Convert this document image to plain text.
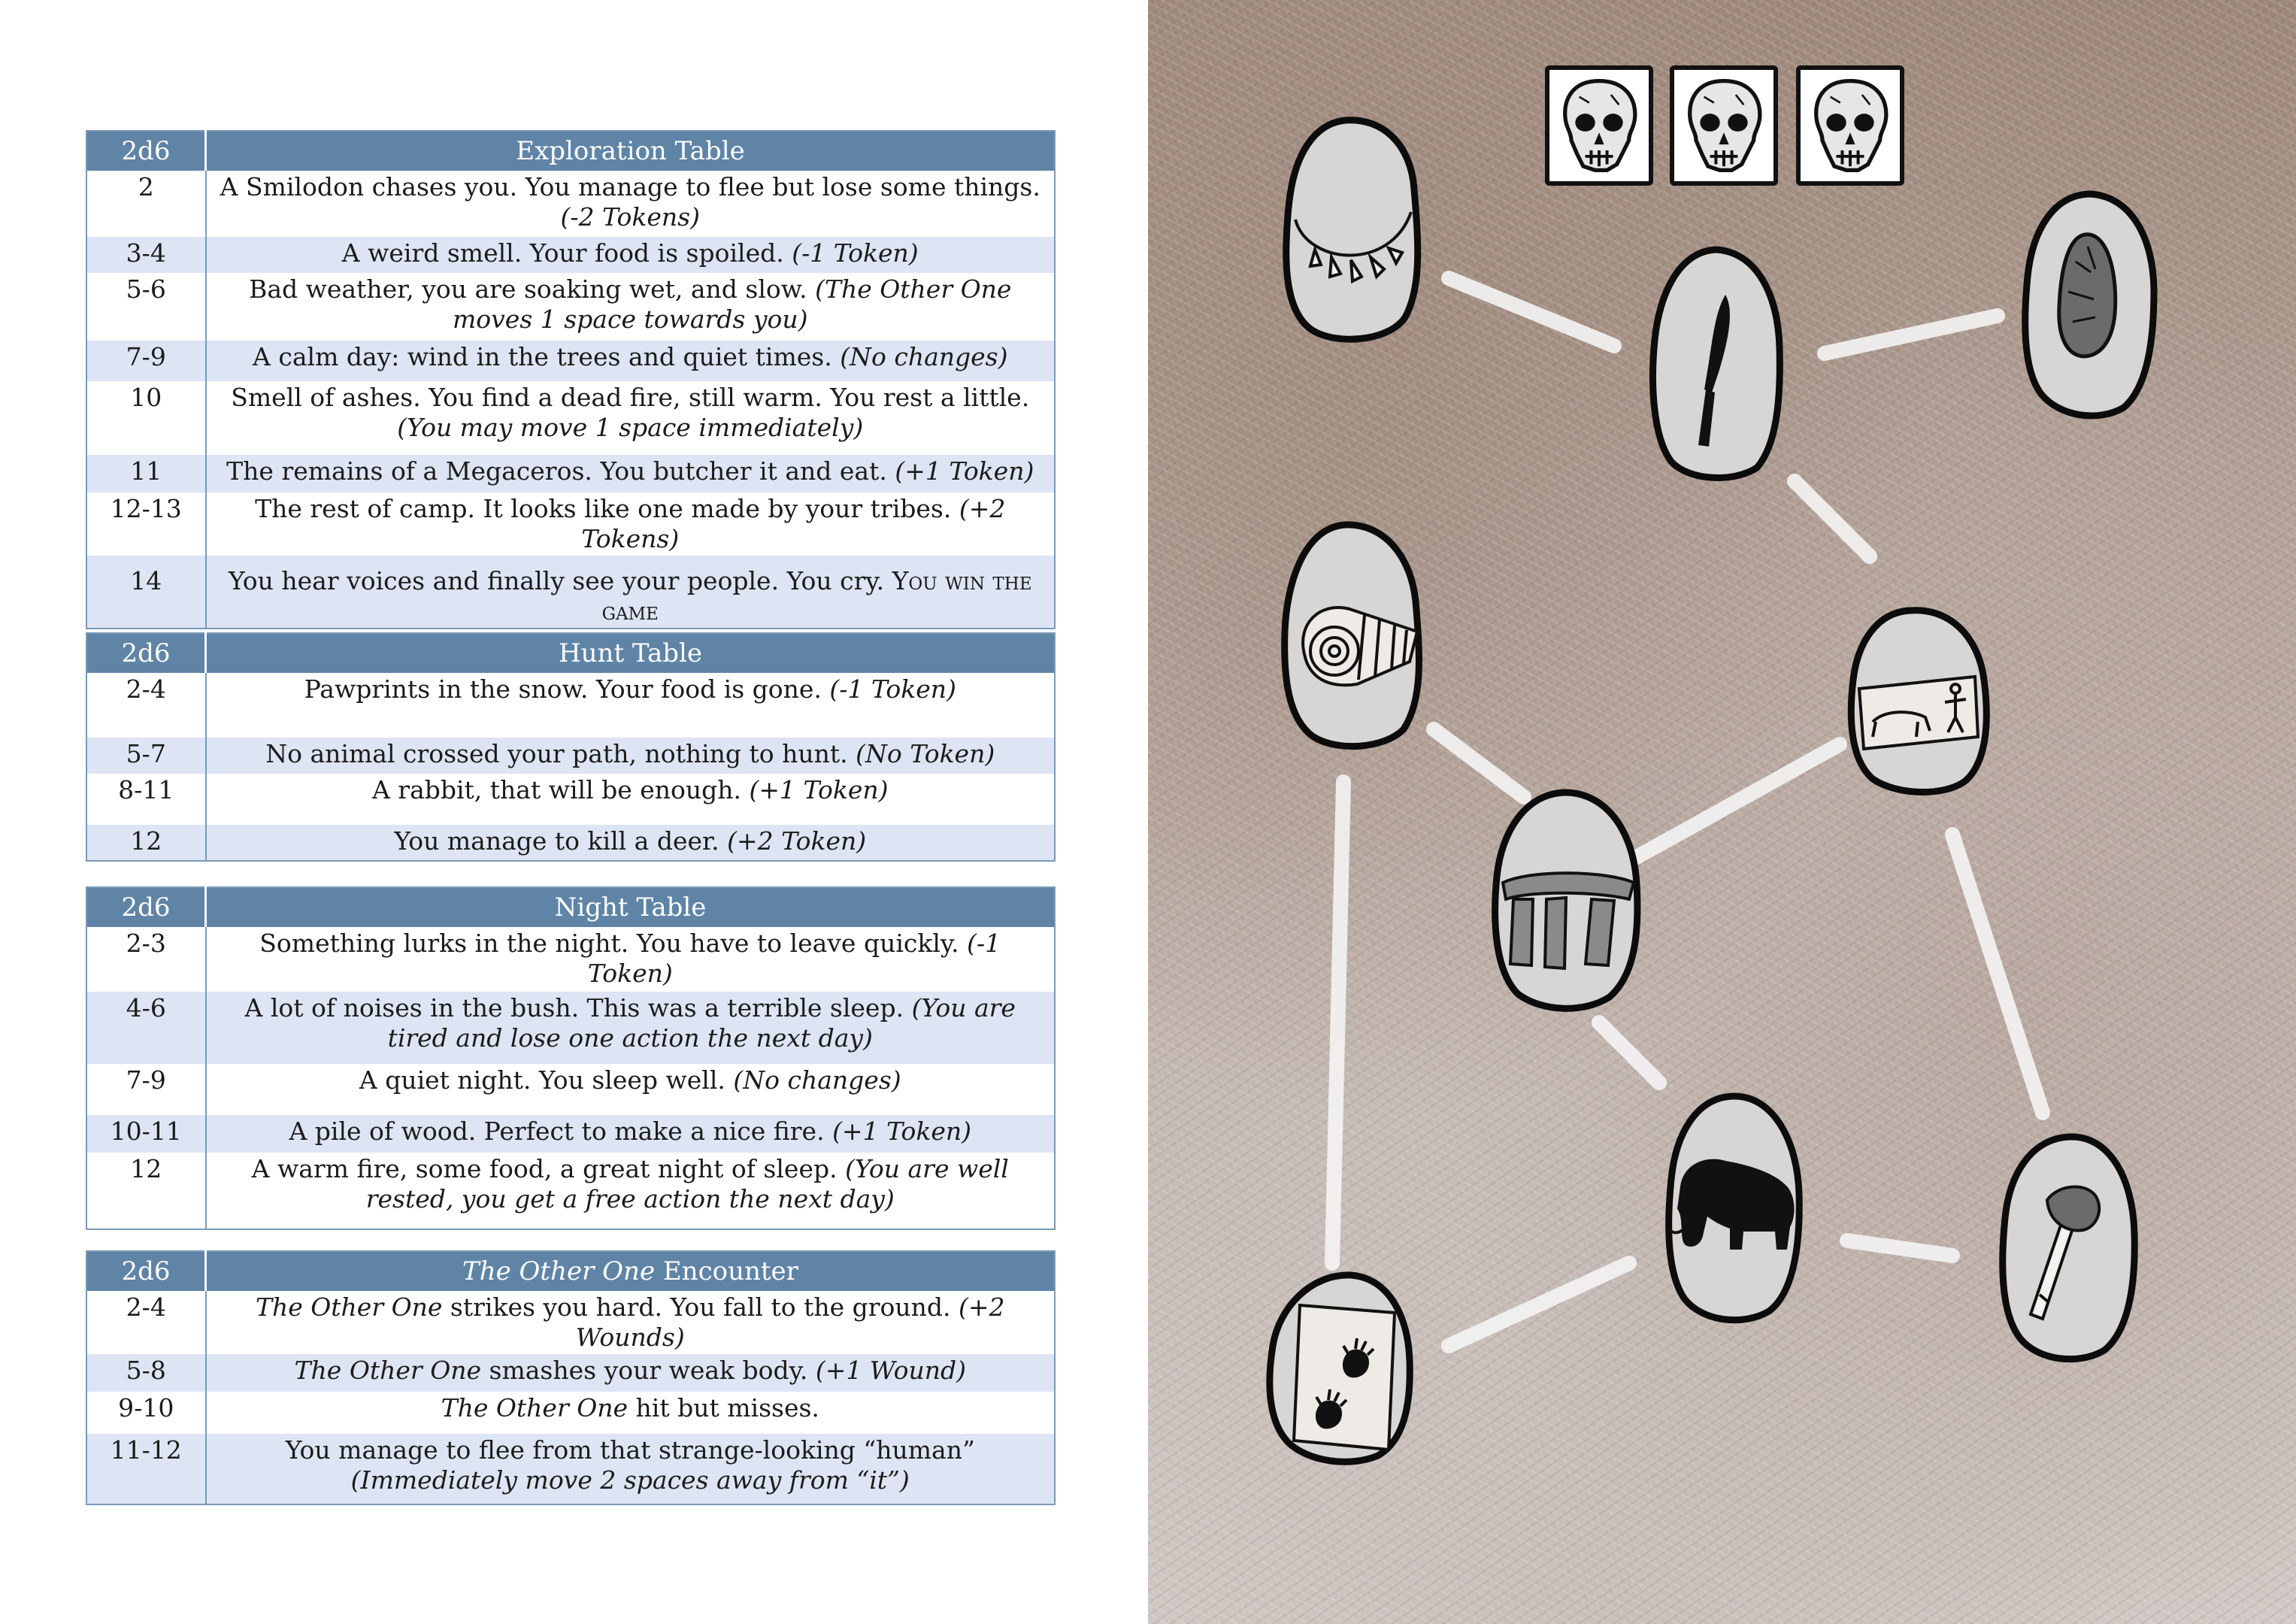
2d6	Exploration Table
2	A Smilodon chases you. You manage to flee but lose some things. (-2 Tokens)
3-4	A weird smell. Your food is spoiled. (-1 Token)
5-6	Bad weather, you are soaking wet, and slow. (The Other One moves 1 space towards you)
7-9	A calm day: wind in the trees and quiet times. (No changes)
10	Smell of ashes. You find a dead fire, still warm. You rest a little. (You may move 1 space immediately)
11	The remains of a Megaceros. You butcher it and eat. (+1 Token)
12-13	The rest of camp. It looks like one made by your tribes. (+2 Tokens)
14	You hear voices and finally see your people. You cry. You win the game
2d6	Hunt Table
2-4	Pawprints in the snow. Your food is gone. (-1 Token)
5-7	No animal crossed your path, nothing to hunt. (No Token)
8-11	A rabbit, that will be enough. (+1 Token)
12	You manage to kill a deer. (+2 Token)
2d6	Night Table
2-3	Something lurks in the night. You have to leave quickly. (-1 Token)
4-6	A lot of noises in the bush. This was a terrible sleep. (You are tired and lose one action the next day)
7-9	A quiet night. You sleep well. (No changes)
10-11	A pile of wood. Perfect to make a nice fire. (+1 Token)
12	A warm fire, some food, a great night of sleep. (You are well rested, you get a free action the next day)
2d6	The Other One Encounter
2-4	The Other One strikes you hard. You fall to the ground. (+2 Wounds)
5-8	The Other One smashes your weak body. (+1 Wound)
9-10	The Other One hit but misses.
11-12	You manage to flee from that strange-looking “human” (Immediately move 2 spaces away from “it”)
